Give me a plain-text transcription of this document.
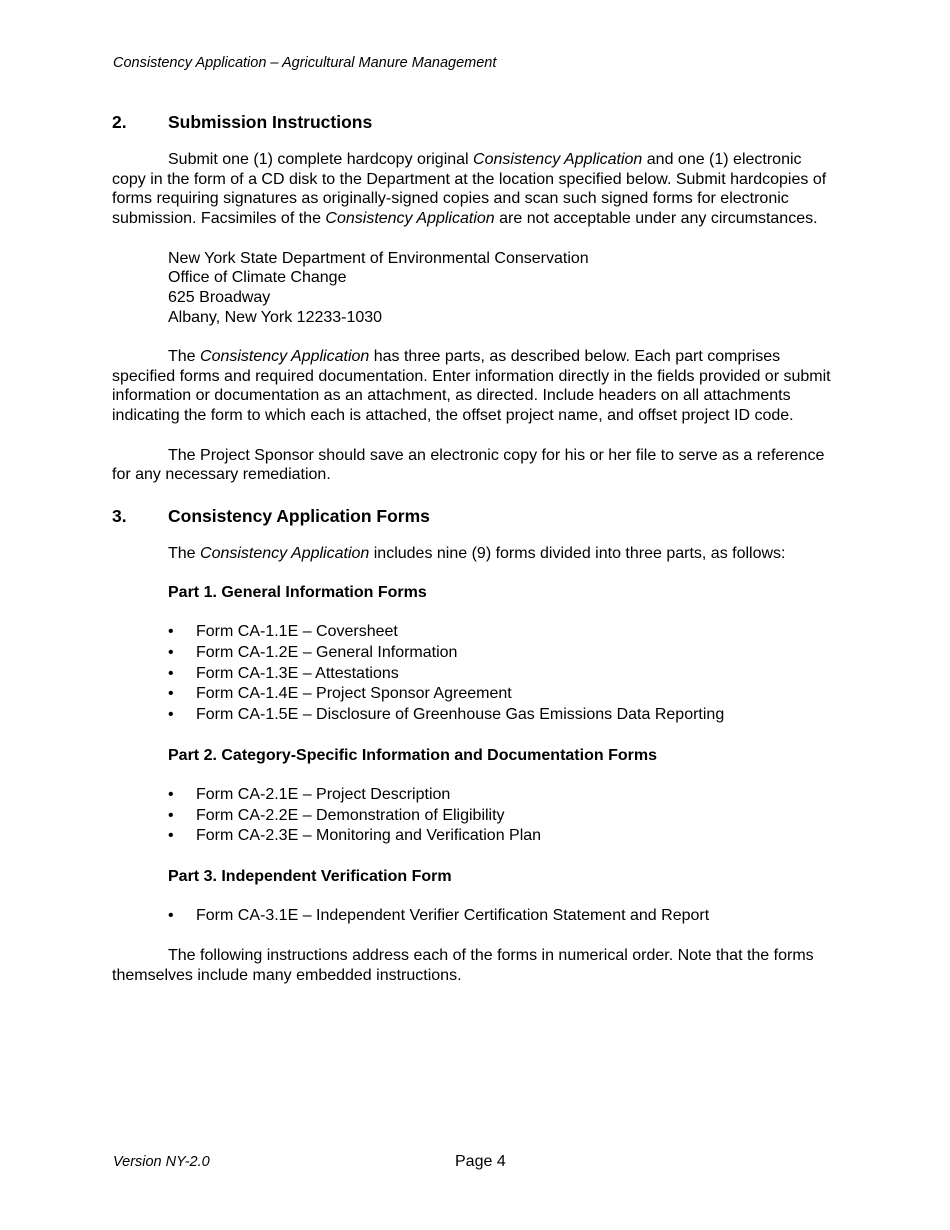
Consistency Application – Agricultural Manure Management
2.	Submission Instructions

Submit one (1) complete hardcopy original Consistency Application and one (1) electronic copy in the form of a CD disk to the Department at the location specified below. Submit hardcopies of forms requiring signatures as originally-signed copies and scan such signed forms for electronic submission. Facsimiles of the Consistency Application are not acceptable under any circumstances.

New York State Department of Environmental Conservation
Office of Climate Change
625 Broadway
Albany, New York 12233-1030

The Consistency Application has three parts, as described below. Each part comprises specified forms and required documentation. Enter information directly in the fields provided or submit information or documentation as an attachment, as directed. Include headers on all attachments indicating the form to which each is attached, the offset project name, and offset project ID code.

The Project Sponsor should save an electronic copy for his or her file to serve as a reference for any necessary remediation.

3.	Consistency Application Forms

The Consistency Application includes nine (9) forms divided into three parts, as follows:

Part 1. General Information Forms
•	Form CA-1.1E – Coversheet
•	Form CA-1.2E – General Information
•	Form CA-1.3E – Attestations
•	Form CA-1.4E – Project Sponsor Agreement
•	Form CA-1.5E – Disclosure of Greenhouse Gas Emissions Data Reporting
Part 2. Category-Specific Information and Documentation Forms
•	Form CA-2.1E – Project Description
•	Form CA-2.2E – Demonstration of Eligibility
•	Form CA-2.3E – Monitoring and Verification Plan
Part 3. Independent Verification Form
•	Form CA-3.1E – Independent Verifier Certification Statement and Report

The following instructions address each of the forms in numerical order. Note that the forms themselves include many embedded instructions.

Version NY-2.0	Page 4
